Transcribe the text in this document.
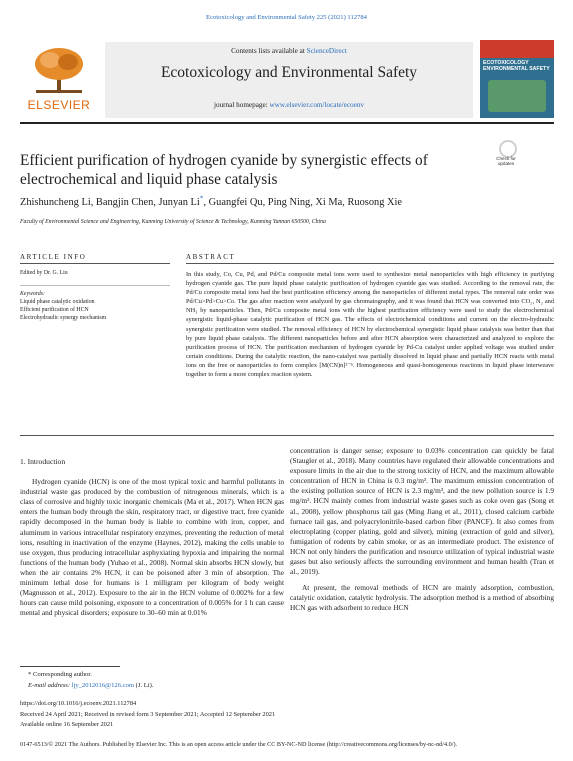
Ecotoxicology and Environmental Safety 225 (2021) 112784
ELSEVIER
Contents lists available at ScienceDirect
Ecotoxicology and Environmental Safety
journal homepage: www.elsevier.com/locate/ecoenv
ECOTOXICOLOGY ENVIRONMENTAL SAFETY
Check for updates
Efficient purification of hydrogen cyanide by synergistic effects of
electrochemical and liquid phase catalysis
Zhishuncheng Li, Bangjin Chen, Junyan Li*, Guangfei Qu, Ping Ning, Xi Ma, Ruosong Xie
Faculty of Environmental Science and Engineering, Kunming University of Science & Technology, Kunming Yunnan 650500, China
ARTICLE INFO	ABSTRACT
Edited by Dr. G. Liu
Keywords:
Liquid phase catalytic oxidation
Efficient purification of HCN
Electrohydraulic synergy mechanism
In this study, Co, Cu, Pd, and Pd/Cu composite metal ions were used to synthesize metal nanoparticles with high efficiency in purifying hydrogen cyanide gas. The pure liquid phase catalytic purification of hydrogen cyanide gas was studied. According to the removal rate, the Pd/Cu composite metal ions had the best purification efficiency among the nanoparticles of different metal types. The removal rate order was Pd/Cu>Pd>Cu>Co. The gas after reaction were analyzed by gas chromatography, and it was found that HCN was converted into CO₂, N₂ and NH₃ by nanoparticles. Then, Pd/Cu composite metal ions with the highest purification efficiency were used to study the electrochemical synergistic liquid-phase catalytic purification of HCN gas. The effects of electrochemical conditions and current on the electro-hydraulic synergistic purification were studied. The removal efficiency of HCN by electrochemical synergistic liquid phase catalysis was better than that by pure liquid phase catalysis. The different nanoparticles before and after HCN absorption were characterized and analyzed to explore the purification process of HCN. The purification mechanism of hydrogen cyanide by Pd-Cu catalyst under applied voltage was studied under certain conditions. During the catalytic reaction, the nano-catalyst was partially dissolved in liquid phase and partially HCN reacts with metal ions on the free or nanoparticles to form complex [M(CN)n]²⁻ⁿ. Homogeneous and quasi-homogeneous reactions in liquid phase interweave together to form a more complex reaction system.
1. Introduction
Hydrogen cyanide (HCN) is one of the most typical toxic and harmful pollutants in industrial waste gas produced by the combustion of nitrogenous minerals, which is a class of corrosive and highly toxic inorganic chemicals (Ma et al., 2017). When HCN gas enters the human body through the skin, respiratory tract, or digestive tract, free cyanide rapidly decomposed in the human body is liable to combine with iron, copper, and aluminum in various intracellular respiratory enzymes, preventing the reduction of metal ions, resulting in inactivation of the enzyme (Haynes, 2012), making the cells unable to use oxygen, thus producing intracellular asphyxiating hypoxia and impairing the normal functions of the human body (Yuhao et al., 2008). Normal skin absorbs HCN slowly, but when the air contains 2% HCN, it can be poisoned after 3 min of absorption. The minimum lethal dose for humans is 1 milligram per kilogram of body weight (Magnusson et al., 2012). Exposure to the air in the HCN volume of 0.002% for a few hours can cause mild poisoning, exposure to a concentration of 0.005% for 1 h can cause mental and physical disorders; exposure to 30–60 min at 0.01%
concentration is danger sense; exposure to 0.03% concentration can quickly be fatal (Staugler et al., 2018). Many countries have regulated their allowable concentrations and exposure limits in the air due to the strong toxicity of HCN, and the maximum allowable concentration of HCN in China is 0.3 mg/m³. The maximum emission concentration of the existing pollution source of HCN is 2.3 mg/m³, and the new pollution source is 1.9 mg/m³. HCN mainly comes from industrial waste gases such as coke oven gas (Song et al., 2008), yellow phosphorus tail gas (Ming Jiang et al., 2011), closed calcium carbide furnace tail gas, and polyacrylonitrile-based carbon fiber (PANCF). It also comes from electroplating (copper plating, gold and silver), mining (extraction of gold and silver), fumigation of rodents by cabin smoke, or as an intermediate product. The existence of HCN not only hinders the purification and resource utilization of typical industrial waste gases but also seriously affects the surrounding environment and human health (Tran et al., 2019).
At present, the removal methods of HCN are mainly adsorption, combustion, catalytic oxidation, catalytic hydrolysis. The adsorption method is a method of absorbing HCN gas with adsorbent to reduce HCN
* Corresponding author.
E-mail address: ljy_2012016@126.com (J. Li).
https://doi.org/10.1016/j.ecoenv.2021.112784
Received 24 April 2021; Received in revised form 3 September 2021; Accepted 12 September 2021
Available online 16 September 2021
0147-6513/© 2021 The Authors. Published by Elsevier Inc. This is an open access article under the CC BY-NC-ND license (http://creativecommons.org/licenses/by-nc-nd/4.0/).
